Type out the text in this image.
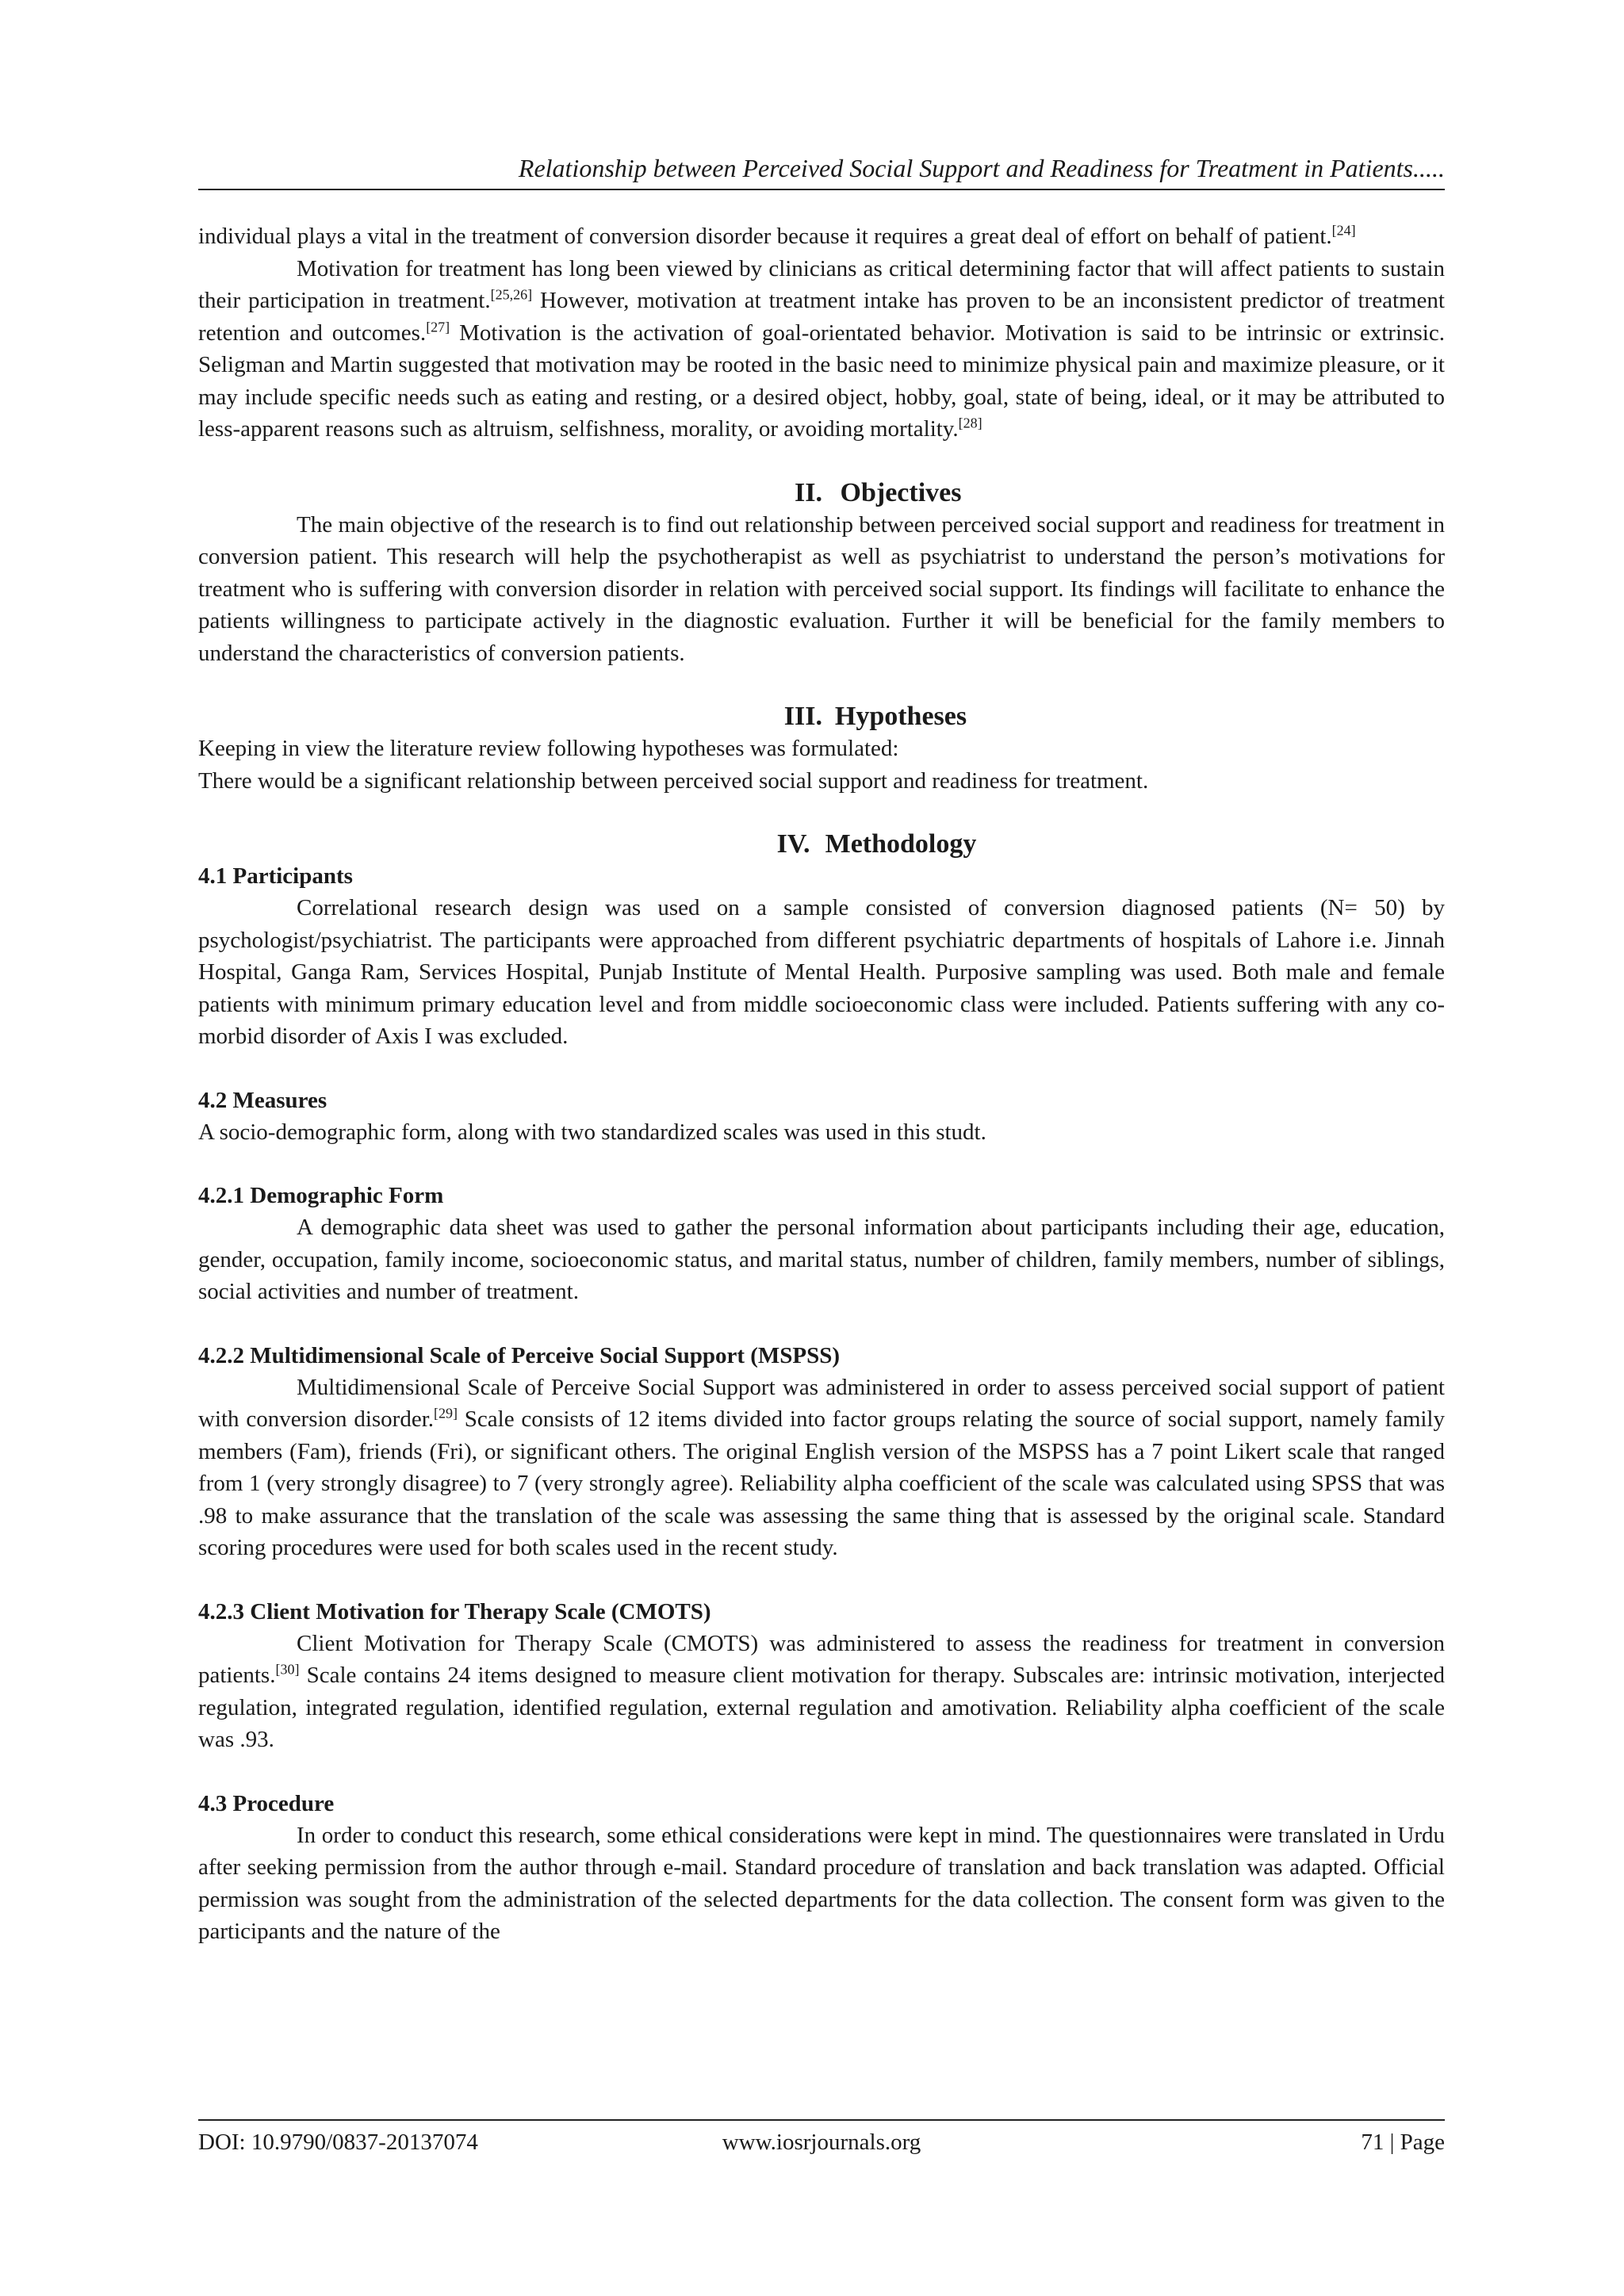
Relationship between Perceived Social Support and Readiness for Treatment in Patients.....

individual plays a vital in the treatment of conversion disorder because it requires a great deal of effort on behalf of patient.[24]

Motivation for treatment has long been viewed by clinicians as critical determining factor that will affect patients to sustain their participation in treatment.[25,26] However, motivation at treatment intake has proven to be an inconsistent predictor of treatment retention and outcomes.[27] Motivation is the activation of goal-orientated behavior. Motivation is said to be intrinsic or extrinsic. Seligman and Martin suggested that motivation may be rooted in the basic need to minimize physical pain and maximize pleasure, or it may include specific needs such as eating and resting, or a desired object, hobby, goal, state of being, ideal, or it may be attributed to less-apparent reasons such as altruism, selfishness, morality, or avoiding mortality.[28]

II. Objectives

The main objective of the research is to find out relationship between perceived social support and readiness for treatment in conversion patient. This research will help the psychotherapist as well as psychiatrist to understand the person’s motivations for treatment who is suffering with conversion disorder in relation with perceived social support. Its findings will facilitate to enhance the patients willingness to participate actively in the diagnostic evaluation. Further it will be beneficial for the family members to understand the characteristics of conversion patients.

III. Hypotheses

Keeping in view the literature review following hypotheses was formulated:

There would be a significant relationship between perceived social support and readiness for treatment.

IV. Methodology
4.1 Participants

Correlational research design was used on a sample consisted of conversion diagnosed patients (N= 50) by psychologist/psychiatrist. The participants were approached from different psychiatric departments of hospitals of Lahore i.e. Jinnah Hospital, Ganga Ram, Services Hospital, Punjab Institute of Mental Health. Purposive sampling was used. Both male and female patients with minimum primary education level and from middle socioeconomic class were included. Patients suffering with any co-morbid disorder of Axis I was excluded.

4.2 Measures

A socio-demographic form, along with two standardized scales was used in this studt.

4.2.1 Demographic Form

A demographic data sheet was used to gather the personal information about participants including their age, education, gender, occupation, family income, socioeconomic status, and marital status, number of children, family members, number of siblings, social activities and number of treatment.

4.2.2 Multidimensional Scale of Perceive Social Support (MSPSS)

Multidimensional Scale of Perceive Social Support was administered in order to assess perceived social support of patient with conversion disorder.[29] Scale consists of 12 items divided into factor groups relating the source of social support, namely family members (Fam), friends (Fri), or significant others. The original English version of the MSPSS has a 7 point Likert scale that ranged from 1 (very strongly disagree) to 7 (very strongly agree). Reliability alpha coefficient of the scale was calculated using SPSS that was .98 to make assurance that the translation of the scale was assessing the same thing that is assessed by the original scale. Standard scoring procedures were used for both scales used in the recent study.

4.2.3 Client Motivation for Therapy Scale (CMOTS)

Client Motivation for Therapy Scale (CMOTS) was administered to assess the readiness for treatment in conversion patients.[30] Scale contains 24 items designed to measure client motivation for therapy. Subscales are: intrinsic motivation, interjected regulation, integrated regulation, identified regulation, external regulation and amotivation. Reliability alpha coefficient of the scale was .93.

4.3 Procedure

In order to conduct this research, some ethical considerations were kept in mind. The questionnaires were translated in Urdu after seeking permission from the author through e-mail. Standard procedure of translation and back translation was adapted. Official permission was sought from the administration of the selected departments for the data collection. The consent form was given to the participants and the nature of the

DOI: 10.9790/0837-20137074	www.iosrjournals.org	71 | Page
